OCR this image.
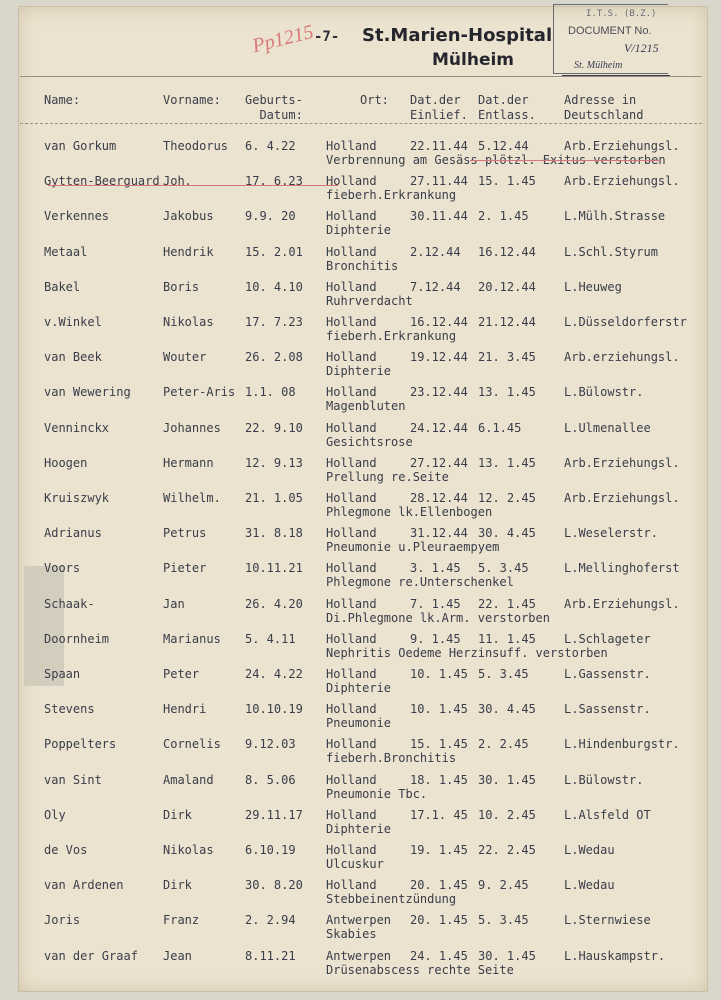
I.T.S. (B.Z.)
DOCUMENT No.
V/1215
St. Mülheim
Pp1215
-7- St.Marien-Hospital
Mülheim
Name:	Vorname: Geburts-
Datum:
Ort: Dat.der
Einlief.
Dat.der
Entlass.
Adresse in
Deutschland
van Gorkum	Theodorus 6. 4.22	Holland	22.11.44 5.12.44	Arb.Erziehungsl.
Verbrennung am Gesäss plötzl. Exitus verstorben
Gytten-Beerguard Joh.	17. 6.23 Holland	27.11.44 15. 1.45 Arb.Erziehungsl.
fieberh.Erkrankung
Verkennes	Jakobus	9.9. 20	Holland	30.11.44 2. 1.45	L.Mülh.Strasse
Diphterie
Metaal	Hendrik	15. 2.01 Holland	2.12.44 16.12.44 L.Schl.Styrum
Bronchitis
Bakel	Boris	10. 4.10 Holland	7.12.44 20.12.44 L.Heuweg
Ruhrverdacht
v.Winkel	Nikolas	17. 7.23 Holland	16.12.44 21.12.44 L.Düsseldorferstr
fieberh.Erkrankung
van Beek	Wouter	26. 2.08 Holland	19.12.44 21. 3.45 Arb.erziehungsl.
Diphterie
van Wewering	Peter-Aris 1.1. 08	Holland	23.12.44 13. 1.45 L.Bülowstr.
Magenbluten
Venninckx	Johannes 22. 9.10 Holland	24.12.44 6.1.45	L.Ulmenallee
Gesichtsrose
Hoogen	Hermann	12. 9.13 Holland	27.12.44 13. 1.45 Arb.Erziehungsl.
Prellung re.Seite
Kruiszwyk	Wilhelm. 21. 1.05 Holland	28.12.44 12. 2.45 Arb.Erziehungsl.
Phlegmone lk.Ellenbogen
Adrianus	Petrus	31. 8.18 Holland	31.12.44 30. 4.45 L.Weselerstr.
Pneumonie u.Pleuraempyem
Voors	Pieter	10.11.21 Holland	3. 1.45 5. 3.45	L.Mellinghoferst
Phlegmone re.Unterschenkel
Schaak-	Jan	26. 4.20 Holland	7. 1.45 22. 1.45 Arb.Erziehungsl.
Di.Phlegmone lk.Arm. verstorben
Doornheim	Marianus 5. 4.11	Holland	9. 1.45 11. 1.45 L.Schlageter
Nephritis Oedeme Herzinsuff. verstorben
Spaan	Peter	24. 4.22 Holland	10. 1.45 5. 3.45	L.Gassenstr.
Diphterie
Stevens	Hendri	10.10.19 Holland	10. 1.45 30. 4.45 L.Sassenstr.
Pneumonie
Poppelters	Cornelis 9.12.03	Holland	15. 1.45 2. 2.45	L.Hindenburgstr.
fieberh.Bronchitis
van Sint	Amaland	8. 5.06	Holland	18. 1.45 30. 1.45 L.Bülowstr.
Pneumonie Tbc.
Oly	Dirk	29.11.17 Holland	17.1. 45 10. 2.45 L.Alsfeld OT
Diphterie
de Vos	Nikolas	6.10.19	Holland	19. 1.45 22. 2.45 L.Wedau
Ulcuskur
van Ardenen	Dirk	30. 8.20 Holland	20. 1.45 9. 2.45	L.Wedau
Stebbeinentzündung
Joris	Franz	2. 2.94	Antwerpen 20. 1.45 5. 3.45	L.Sternwiese
Skabies
van der Graaf Jean	8.11.21	Antwerpen 24. 1.45 30. 1.45 L.Hauskampstr.
Drüsenabscess rechte Seite
